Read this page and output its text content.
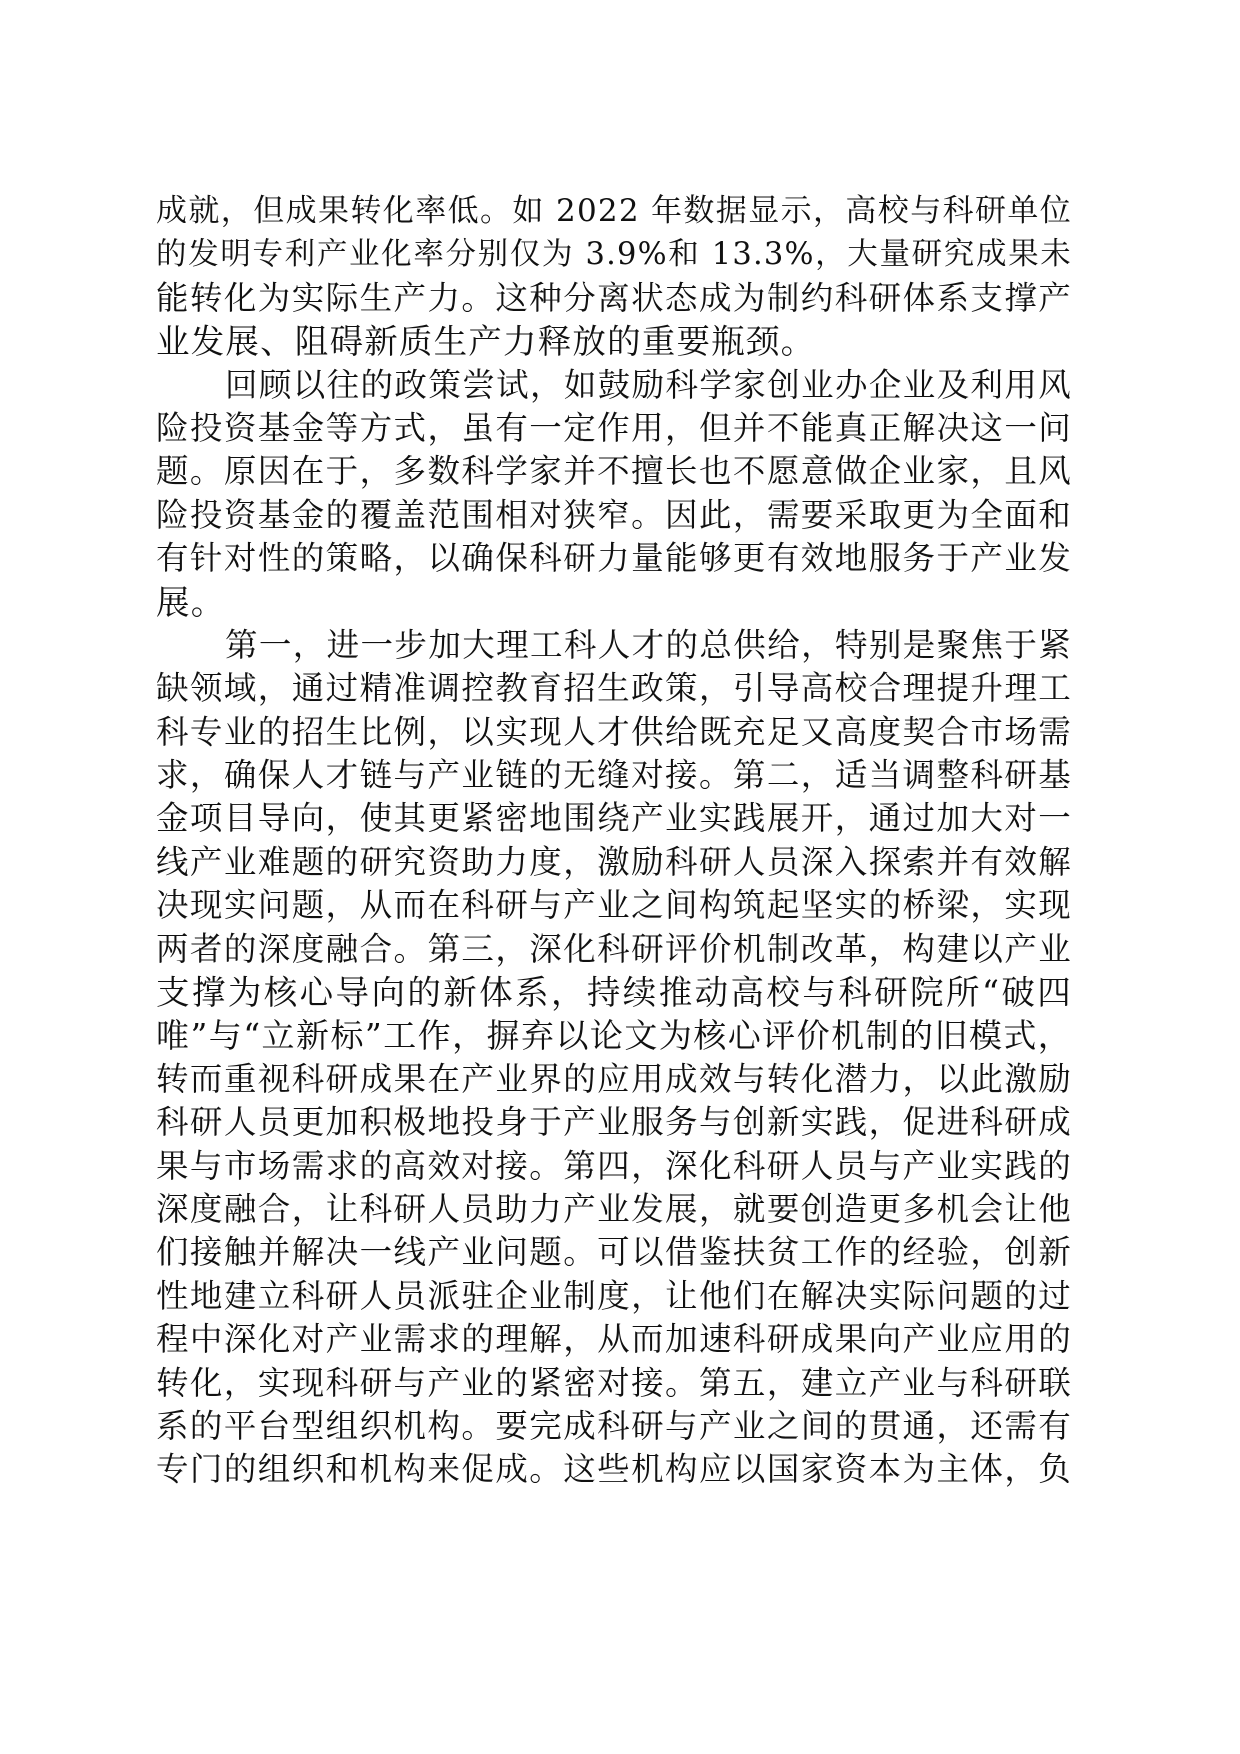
成就，但成果转化率低。如 2022 年数据显示，高校与科研单位
的发明专利产业化率分别仅为 3.9%和 13.3%，大量研究成果未
能转化为实际生产力。这种分离状态成为制约科研体系支撑产
业发展、阻碍新质生产力释放的重要瓶颈。
回顾以往的政策尝试，如鼓励科学家创业办企业及利用风
险投资基金等方式，虽有一定作用，但并不能真正解决这一问
题。原因在于，多数科学家并不擅长也不愿意做企业家，且风
险投资基金的覆盖范围相对狭窄。因此，需要采取更为全面和
有针对性的策略，以确保科研力量能够更有效地服务于产业发
展。
第一，进一步加大理工科人才的总供给，特别是聚焦于紧
缺领域，通过精准调控教育招生政策，引导高校合理提升理工
科专业的招生比例，以实现人才供给既充足又高度契合市场需
求，确保人才链与产业链的无缝对接。第二，适当调整科研基
金项目导向，使其更紧密地围绕产业实践展开，通过加大对一
线产业难题的研究资助力度，激励科研人员深入探索并有效解
决现实问题，从而在科研与产业之间构筑起坚实的桥梁，实现
两者的深度融合。第三，深化科研评价机制改革，构建以产业
支撑为核心导向的新体系，持续推动高校与科研院所“破四
唯”与“立新标”工作，摒弃以论文为核心评价机制的旧模式，
转而重视科研成果在产业界的应用成效与转化潜力，以此激励
科研人员更加积极地投身于产业服务与创新实践，促进科研成
果与市场需求的高效对接。第四，深化科研人员与产业实践的
深度融合，让科研人员助力产业发展，就要创造更多机会让他
们接触并解决一线产业问题。可以借鉴扶贫工作的经验，创新
性地建立科研人员派驻企业制度，让他们在解决实际问题的过
程中深化对产业需求的理解，从而加速科研成果向产业应用的
转化，实现科研与产业的紧密对接。第五，建立产业与科研联
系的平台型组织机构。要完成科研与产业之间的贯通，还需有
专门的组织和机构来促成。这些机构应以国家资本为主体，负
